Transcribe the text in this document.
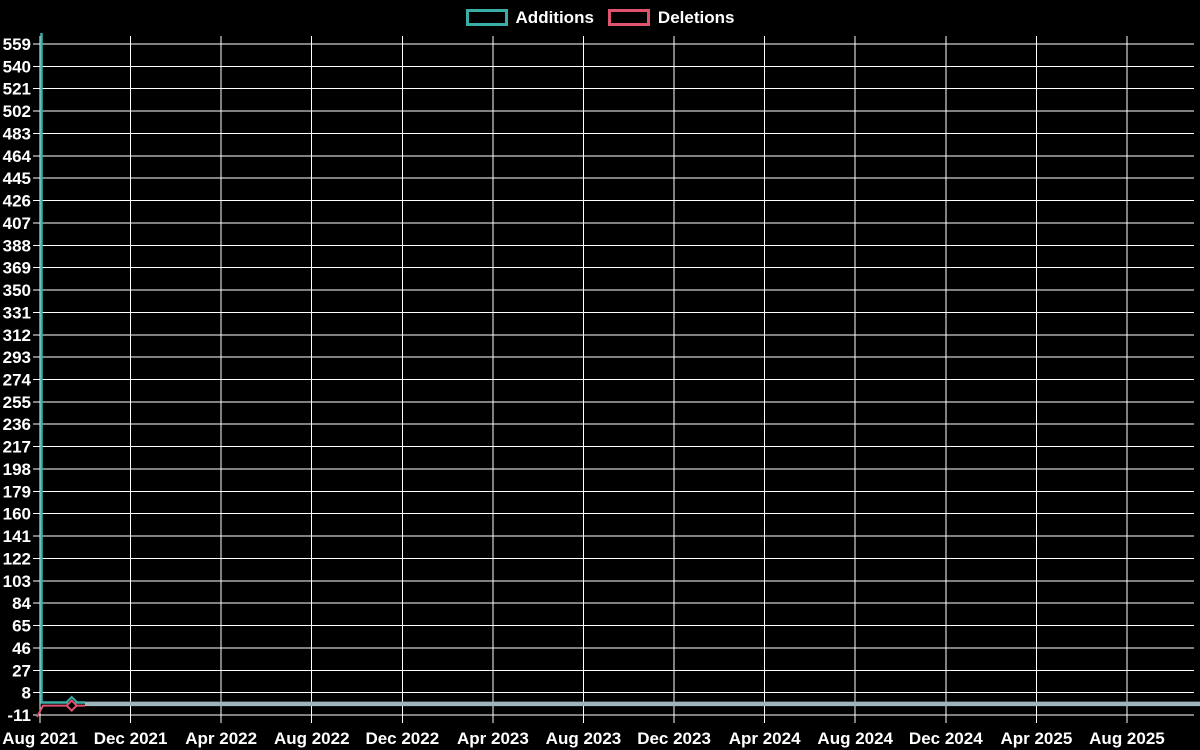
Additions	Deletions
559
540
521
502
483
464
445
426
407
388
369
350
331
312
293
274
255
236
217
198
179
160
141
122
103
84
65
46
27
8
-11
Aug 2021 Dec 2021 Apr 2022 Aug 2022 Dec 2022 Apr 2023 Aug 2023 Dec 2023 Apr 2024 Aug 2024 Dec 2024 Apr 2025 Aug 2025
